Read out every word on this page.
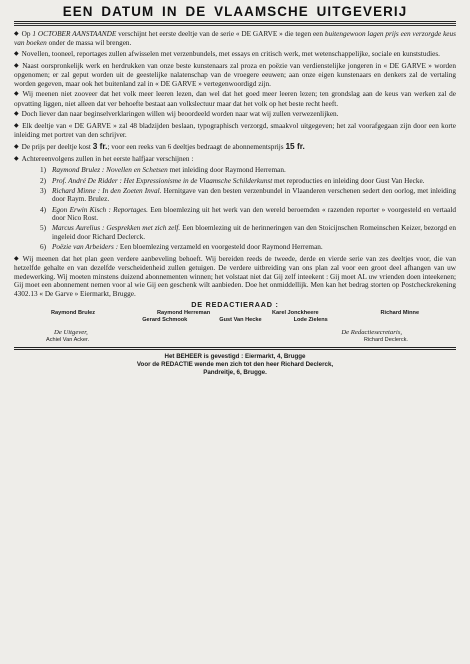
EEN DATUM IN DE VLAAMSCHE UITGEVERIJ

◆ Op 1 OCTOBER AANSTAANDE verschijnt het eerste deeltje van de serie « DE GARVE » die tegen een buitengewoon lagen prijs een verzorgde keus van boeken onder de massa wil brengen.

◆ Novellen, tooneel, reportages zullen afwisselen met verzenbundels, met essays en critisch werk, met wetenschappelijke, sociale en kunststudies.

◆ Naast oorspronkelijk werk en herdrukken van onze beste kunstenaars zal proza en poëzie van verdienstelijke jongeren in « DE GARVE » worden opgenomen; er zal geput worden uit de geestelijke nalatenschap van de vroegere eeuwen; aan onze eigen kunstenaars en denkers zal de vertaling worden gegeven, maar ook het buitenland zal in « DE GARVE » vertegenwoordigd zijn.

◆ Wij meenen niet zooveer dat het volk meer leeren lezen, dan wel dat het goed meer leeren lezen; ten grondslag aan de keus van werken zal de opvatting liggen, niet alleen dat ver behoefte bestaat aan volkslectuur maar dat het volk op het beste recht heeft.

◆ Doch liever dan naar beginselverklaringen willen wij beoordeeld worden naar wat wij zullen verwezenlijken.

◆ Elk deeltje van « DE GARVE » zal 48 bladzijden beslaan, typographisch verzorgd, smaakvol uitgegeven; het zal voorafgegaan zijn door een korte inleiding met portret van den schrijver.

◆ De prijs per deeltje kost 3 fr.; voor een reeks van 6 deeltjes bedraagt de abonnementsprijs 15 fr.

◆ Achtereenvolgens zullen in het eerste halfjaar verschijnen :

1) Raymond Brulez : Novellen en Schetsen met inleiding door Raymond Herreman.
2) Prof. André De Ridder : Het Expressionisme in de Vlaamsche Schilderkunst met reproducties en inleiding door Gust Van Hecke.
3) Richard Minne : In den Zoeten Inval. Hernitgave van den besten verzenbundel in Vlaanderen verschenen sedert den oorlog, met inleiding door Raym. Brulez.
4) Egon Erwin Kisch : Reportages. Een bloemlezing uit het werk van den wereld beroemden « razenden reporter » voorgesteld en vertaald door Nico Rost.
5) Marcus Aurelius : Gesprekken met zich zelf. Een bloemlezing uit de herinneringen van den Stoicijnschen Romeinschen Keizer, bezorgd en ingeleid door Richard Declerck.
6) Poëzie van Arbeiders : Een bloemlezing verzameld en voorgesteld door Raymond Herreman.

◆ Wij meenen dat het plan geen verdere aanbeveling behoeft. Wij bereiden reeds de tweede, derde en vierde serie van zes deeltjes voor, die van hetzelfde gehalte en van dezelfde verscheidenheid zullen getuigen. De verdere uitbreiding van ons plan zal voor een groot deel afhangen van uw medewerking. Wij moeten minstens duizend abonnementen winnen; het volstaat niet dat Gij zelf inteekent : Gij moet AL uw vrienden doen inteekenen; Gij moet een abonnement nemen voor al wie Gij een geschenk wilt aanbieden. Doe het onmiddellijk. Men kan het bedrag storten op Postcheckrekening 4302.13 « De Garve » Eiermarkt, Brugge.

DE REDACTIERAAD :
Raymond Brulez	Raymond Herreman	Karel Jonckheere	Richard Minne
Gerard Schmook	Gust Van Hecke	Lode Zielens
De Uitgever,	De Redactiesecretaris,
Achiel Van Acker.	Richard Declerck.
Het BEHEER is gevestigd : Eiermarkt, 4, Brugge
Voor de REDACTIE wende men zich tot den heer Richard Declerck,
Pandreitje, 6, Brugge.
